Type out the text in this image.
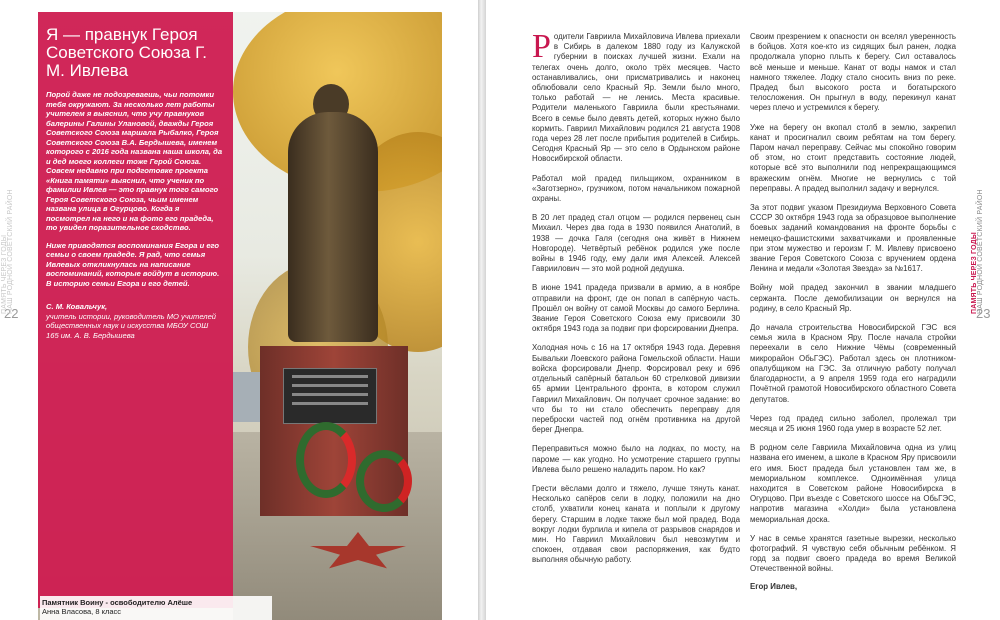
22
ПАМЯТЬ ЧЕРЕЗ ГОДЫ НАШ РОДНОЙ СОВЕТСКИЙ РАЙОН
Я — правнук Героя Советского Союза Г. М. Ивлева

Порой даже не подозреваешь, чьи потомки тебя окружают. За несколько лет работы учителем я выяснил, что учу правнуков балерины Галины Улановой, дважды Героя Советского Союза маршала Рыбалко, Героя Советского Союза В.А. Бердышева, именем которого с 2016 года названа наша школа, да и дед моего коллеги тоже Герой Союза. Совсем недавно при подготовке проекта «Книга памяти» выяснил, что ученик по фамилии Ивлев — это правнук того самого Героя Советского Союза, чьим именем названа улица в Огурцово. Когда я посмотрел на него и на фото его прадеда, то увидел поразительное сходство.

Ниже приводятся воспоминания Егора и его семьи о своем прадеде. Я рад, что семья Ивлевых откликнулась на написание воспоминаний, которые войдут в историю. В историю семьи Егора и его детей.

С. М. Ковальчук,
учитель истории, руководитель МО учителей общественных наук и искусства МБОУ СОШ 165 им. А. В. Бердышева
Памятник Воину - освободителю Алёше
Анна Власова, 8 класс
23
ПАМЯТЬ ЧЕРЕЗ ГОДЫ НАШ РОДНОЙ СОВЕТСКИЙ РАЙОН

Родители Гавриила Михайловича Ивлева приехали в Сибирь в далеком 1880 году из Калужской губернии в поисках лучшей жизни. Ехали на телегах очень долго, около трёх месяцев. Часто останавливались, они присматривались и наконец облюбовали село Красный Яр. Земли было много, только работай — не ленись. Места красивые. Родители маленького Гавриила были крестьянами. Всего в семье было девять детей, которых нужно было кормить. Гавриил Михайлович родился 21 августа 1908 года через 28 лет после прибытия родителей в Сибирь. Сегодня Красный Яр — это село в Ордынском районе Новосибирской области.

Работал мой прадед пильщиком, охранником в «Заготзерно», грузчиком, потом начальником пожарной охраны.

В 20 лет прадед стал отцом — родился первенец сын Михаил. Через два года в 1930 появился Анатолий, в 1938 — дочка Галя (сегодня она живёт в Нижнем Новгороде). Четвёртый ребёнок родился уже после войны в 1946 году, ему дали имя Алексей. Алексей Гавриилович — это мой родной дедушка.

В июне 1941 прадеда призвали в армию, а в ноябре отправили на фронт, где он попал в сапёрную часть. Прошёл он войну от самой Москвы до самого Берлина. Звание Героя Советского Союза ему присвоили 30 октября 1943 года за подвиг при форсировании Днепра.

Холодная ночь с 16 на 17 октября 1943 года. Деревня Бывальки Лоевского района Гомельской области. Наши войска форсировали Днепр. Форсировал реку и 696 отдельный сапёрный батальон 60 стрелковой дивизии 65 армии Центрального фронта, в котором служил Гавриил Михайлович. Он получает срочное задание: во что бы то ни стало обеспечить переправу для переброски частей под огнём противника на другой берег Днепра.

Переправиться можно было на лодках, по мосту, на пароме — как угодно. Но усмотрение старшего группы Ивлева было решено наладить паром. Но как?

Грести вёслами долго и тяжело, лучше тянуть канат. Несколько сапёров сели в лодку, положили на дно столб, ухватили конец каната и поплыли к другому берегу. Старшим в лодке также был мой прадед. Вода вокруг лодки бурлила и кипела от разрывов снарядов и мин. Но Гавриил Михайлович был невозмутим и спокоен, отдавая свои распоряжения, как будто выполняя обычную работу.

Своим презрением к опасности он вселял уверенность в бойцов. Хотя кое-кто из сидящих был ранен, лодка продолжала упорно плыть к берегу. Сил оставалось всё меньше и меньше. Канат от воды намок и стал намного тяжелее. Лодку стало сносить вниз по реке. Прадед был высокого роста и богатырского телосложения. Он прыгнул в воду, перекинул канат через плечо и устремился к берегу.

Уже на берегу он вкопал столб в землю, закрепил канат и просигналил своим ребятам на том берегу. Паром начал переправу. Сейчас мы спокойно говорим об этом, но стоит представить состояние людей, которые всё это выполнили под непрекращающимся вражеским огнём. Многие не вернулись с той переправы. А прадед выполнил задачу и вернулся.

За этот подвиг указом Президиума Верховного Совета СССР 30 октября 1943 года за образцовое выполнение боевых заданий командования на фронте борьбы с немецко-фашистскими захватчиками и проявленные при этом мужество и героизм Г. М. Ивлеву присвоено звание Героя Советского Союза с вручением ордена Ленина и медали «Золотая Звезда» за №1617.

Войну мой прадед закончил в звании младшего сержанта. После демобилизации он вернулся на родину, в село Красный Яр.

До начала строительства Новосибирской ГЭС вся семья жила в Красном Яру. После начала стройки переехали в село Нижние Чёмы (современный микрорайон ОбьГЭС). Работал здесь он плотником-опалубщиком на ГЭС. За отличную работу получал благодарности, а 9 апреля 1959 года его наградили Почётной грамотой Новосибирского областного Совета депутатов.

Через год прадед сильно заболел, пролежал три месяца и 25 июня 1960 года умер в возрасте 52 лет.

В родном селе Гавриила Михайловича одна из улиц названа его именем, а школе в Красном Яру присвоили его имя. Бюст прадеда был установлен там же, в мемориальном комплексе. Одноимённая улица находится в Советском районе Новосибирска в Огурцово. При въезде с Советского шоссе на ОбьГЭС, напротив магазина «Холди» была установлена мемориальная доска.

У нас в семье хранятся газетные вырезки, несколько фотографий. Я чувствую себя обычным ребёнком. Я горд за подвиг своего прадеда во время Великой Отечественной войны.

Егор Ивлев,
